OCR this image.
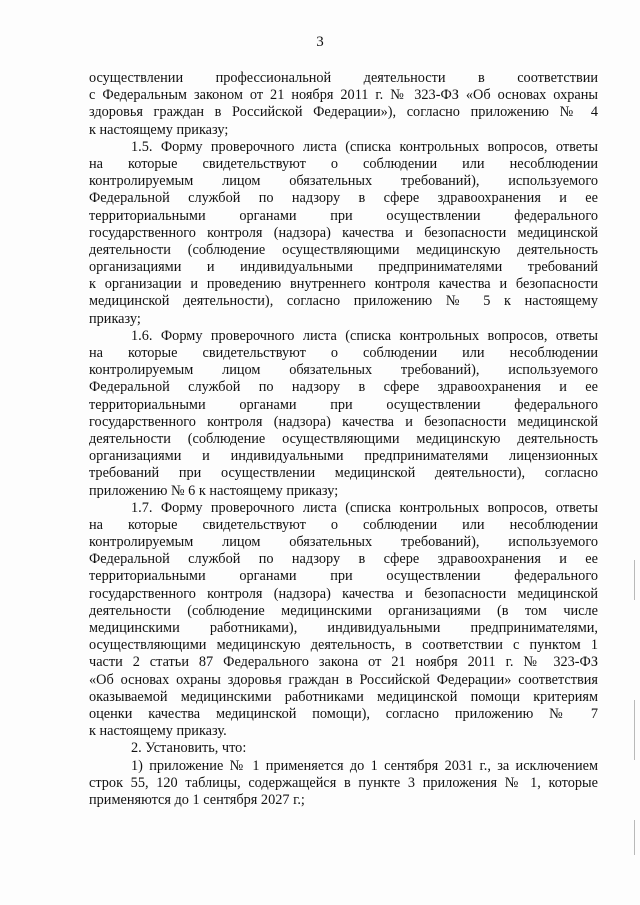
3
осуществлении профессиональной деятельности в соответствии
с Федеральным законом от 21 ноября 2011 г. № 323-ФЗ «Об основах охраны
здоровья граждан в Российской Федерации»), согласно приложению № 4
к настоящему приказу;
1.5. Форму проверочного листа (списка контрольных вопросов, ответы
на которые свидетельствуют о соблюдении или несоблюдении
контролируемым лицом обязательных требований), используемого
Федеральной службой по надзору в сфере здравоохранения и ее
территориальными органами при осуществлении федерального
государственного контроля (надзора) качества и безопасности медицинской
деятельности (соблюдение осуществляющими медицинскую деятельность
организациями и индивидуальными предпринимателями требований
к организации и проведению внутреннего контроля качества и безопасности
медицинской деятельности), согласно приложению № 5 к настоящему
приказу;
1.6. Форму проверочного листа (списка контрольных вопросов, ответы
на которые свидетельствуют о соблюдении или несоблюдении
контролируемым лицом обязательных требований), используемого
Федеральной службой по надзору в сфере здравоохранения и ее
территориальными органами при осуществлении федерального
государственного контроля (надзора) качества и безопасности медицинской
деятельности (соблюдение осуществляющими медицинскую деятельность
организациями и индивидуальными предпринимателями лицензионных
требований при осуществлении медицинской деятельности), согласно
приложению № 6 к настоящему приказу;
1.7. Форму проверочного листа (списка контрольных вопросов, ответы
на которые свидетельствуют о соблюдении или несоблюдении
контролируемым лицом обязательных требований), используемого
Федеральной службой по надзору в сфере здравоохранения и ее
территориальными органами при осуществлении федерального
государственного контроля (надзора) качества и безопасности медицинской
деятельности (соблюдение медицинскими организациями (в том числе
медицинскими работниками), индивидуальными предпринимателями,
осуществляющими медицинскую деятельность, в соответствии с пунктом 1
части 2 статьи 87 Федерального закона от 21 ноября 2011 г. № 323-ФЗ
«Об основах охраны здоровья граждан в Российской Федерации» соответствия
оказываемой медицинскими работниками медицинской помощи критериям
оценки качества медицинской помощи), согласно приложению № 7
к настоящему приказу.
2. Установить, что:
1) приложение № 1 применяется до 1 сентября 2031 г., за исключением
строк 55, 120 таблицы, содержащейся в пункте 3 приложения № 1, которые
применяются до 1 сентября 2027 г.;
